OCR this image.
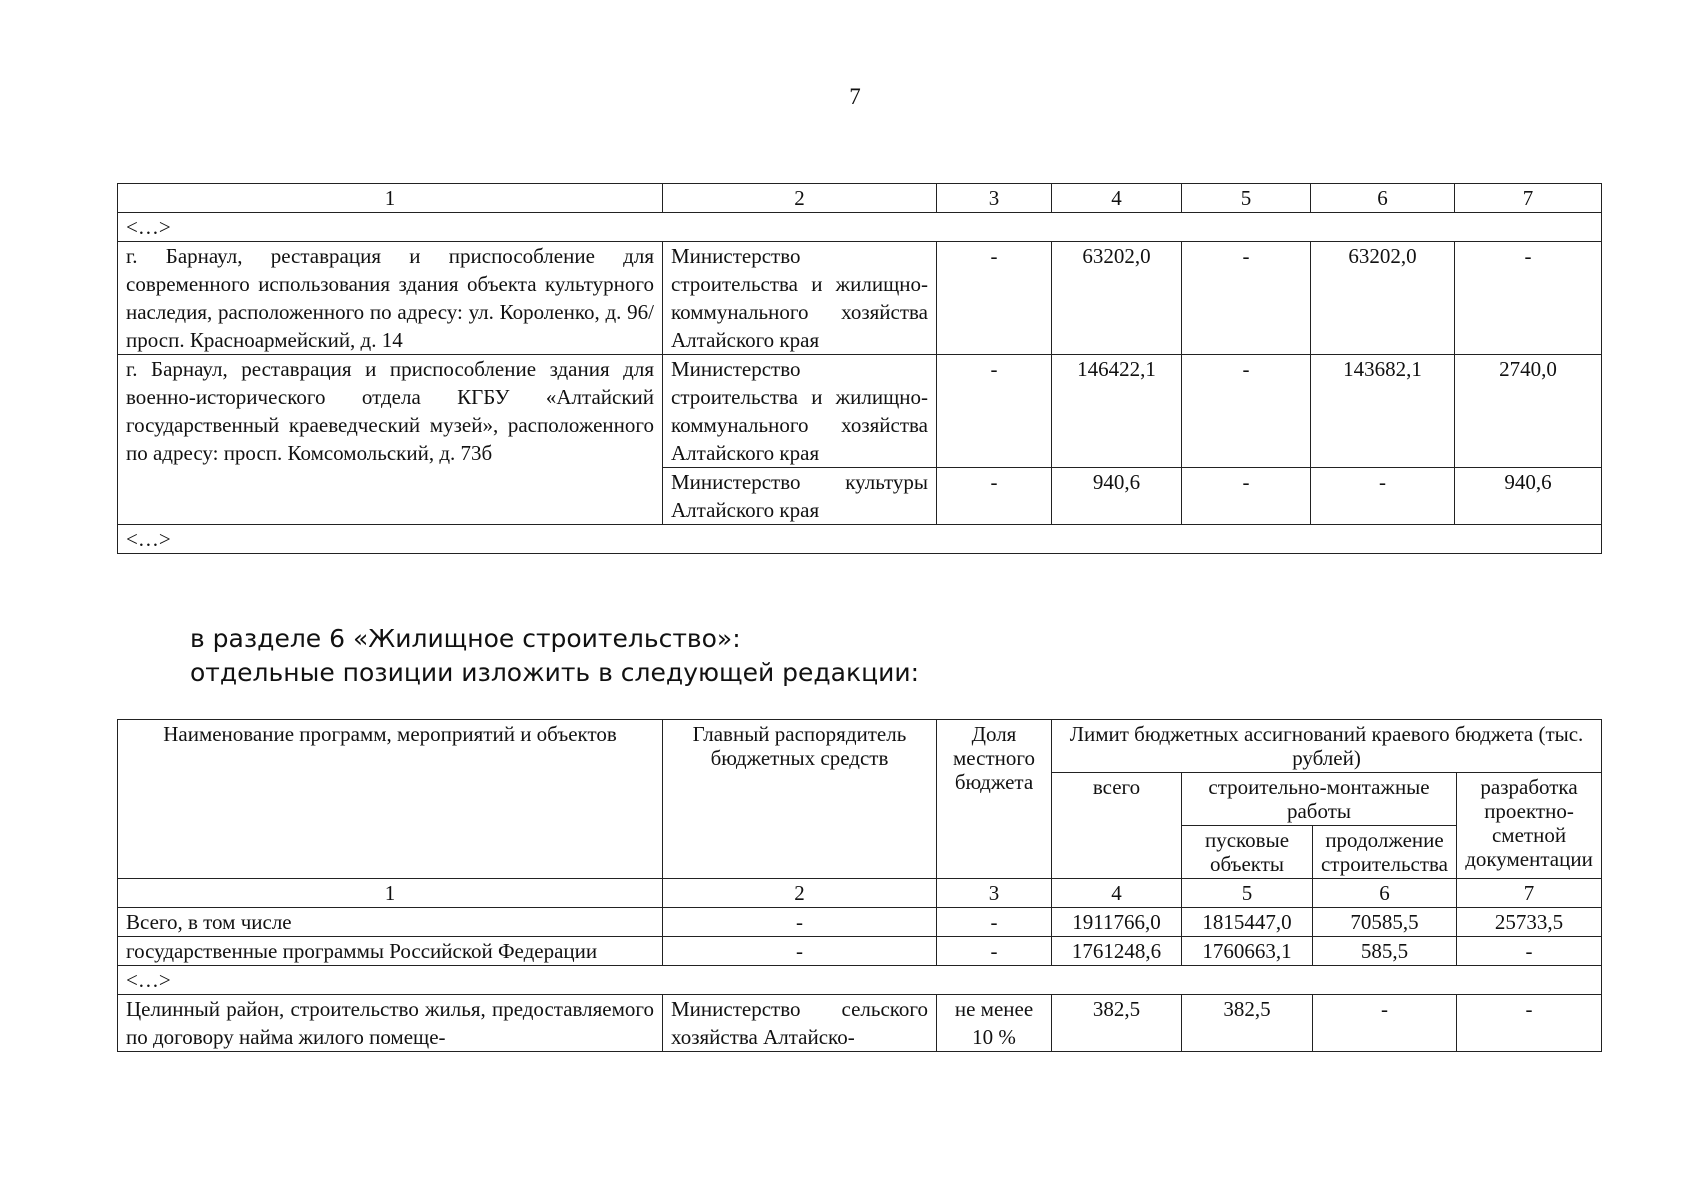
7
1	2	3	4	5	6	7
<…>						
г. Барнаул, реставрация и приспособление для современного использования здания объекта культурного наследия, расположенного по адресу: ул. Короленко, д. 96/просп. Красноармейский, д. 14	Министерство строительства и жилищно-коммунального хозяйства Алтайского края	-	63202,0	-	63202,0	-
г. Барнаул, реставрация и приспособление здания для военно-исторического отдела КГБУ «Алтайский государственный краеведческий музей», расположенного по адресу: просп. Комсомольский, д. 73б	Министерство строительства и жилищно-коммунального хозяйства Алтайского края	-	146422,1	-	143682,1	2740,0
	Министерство культуры Алтайского края	-	940,6	-	-	940,6
<…>						
в разделе 6 «Жилищное строительство»:
отдельные позиции изложить в следующей редакции:
Наименование программ, мероприятий и объектов	Главный распорядитель бюджетных средств	Доля местного бюджета	Лимит бюджетных ассигнований краевого бюджета (тыс. рублей)			
			всего	строительно-монтажные работы		разработка проектно-сметной документации
				пусковые объекты	продолжение строительства	
1	2	3	4	5	6	7
Всего, в том числе	-	-	1911766,0	1815447,0	70585,5	25733,5
государственные программы Российской Федерации	-	-	1761248,6	1760663,1	585,5	-
<…>						
Целинный район, строительство жилья, предоставляемого по договору найма жилого помеще-	Министерство сельского хозяйства Алтайско-	не менее 10 %	382,5	382,5	-	-
